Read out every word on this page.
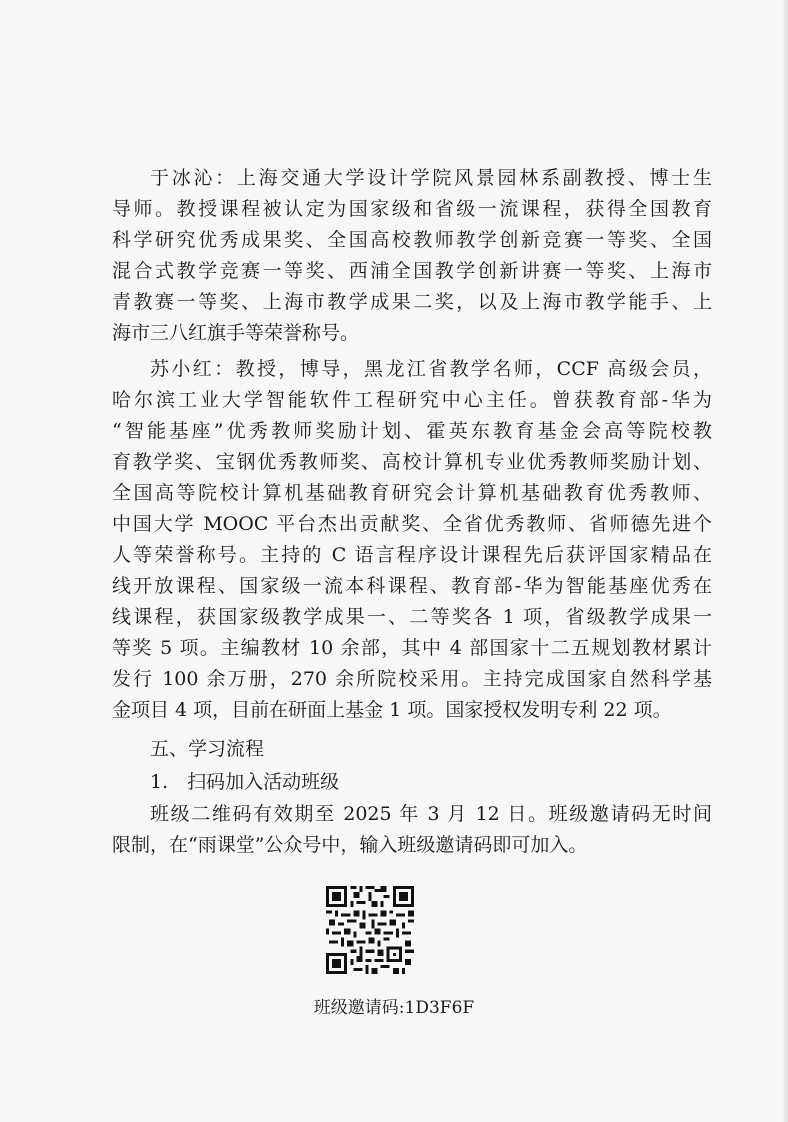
于冰沁：上海交通大学设计学院风景园林系副教授、博士生
导师。教授课程被认定为国家级和省级一流课程，获得全国教育
科学研究优秀成果奖、全国高校教师教学创新竞赛一等奖、全国
混合式教学竞赛一等奖、西浦全国教学创新讲赛一等奖、上海市
青教赛一等奖、上海市教学成果二奖，以及上海市教学能手、上
海市三八红旗手等荣誉称号。
苏小红：教授，博导，黑龙江省教学名师，CCF 高级会员，
哈尔滨工业大学智能软件工程研究中心主任。曾获教育部-华为
“智能基座”优秀教师奖励计划、霍英东教育基金会高等院校教
育教学奖、宝钢优秀教师奖、高校计算机专业优秀教师奖励计划、
全国高等院校计算机基础教育研究会计算机基础教育优秀教师、
中国大学 MOOC 平台杰出贡献奖、全省优秀教师、省师德先进个
人等荣誉称号。主持的 C 语言程序设计课程先后获评国家精品在
线开放课程、国家级一流本科课程、教育部-华为智能基座优秀在
线课程，获国家级教学成果一、二等奖各 1 项，省级教学成果一
等奖 5 项。主编教材 10 余部，其中 4 部国家十二五规划教材累计
发行 100 余万册，270 余所院校采用。主持完成国家自然科学基
金项目 4 项，目前在研面上基金 1 项。国家授权发明专利 22 项。
五、学习流程
1.　扫码加入活动班级
班级二维码有效期至 2025 年 3 月 12 日。班级邀请码无时间
限制，在“雨课堂”公众号中，输入班级邀请码即可加入。
班级邀请码:1D3F6F
